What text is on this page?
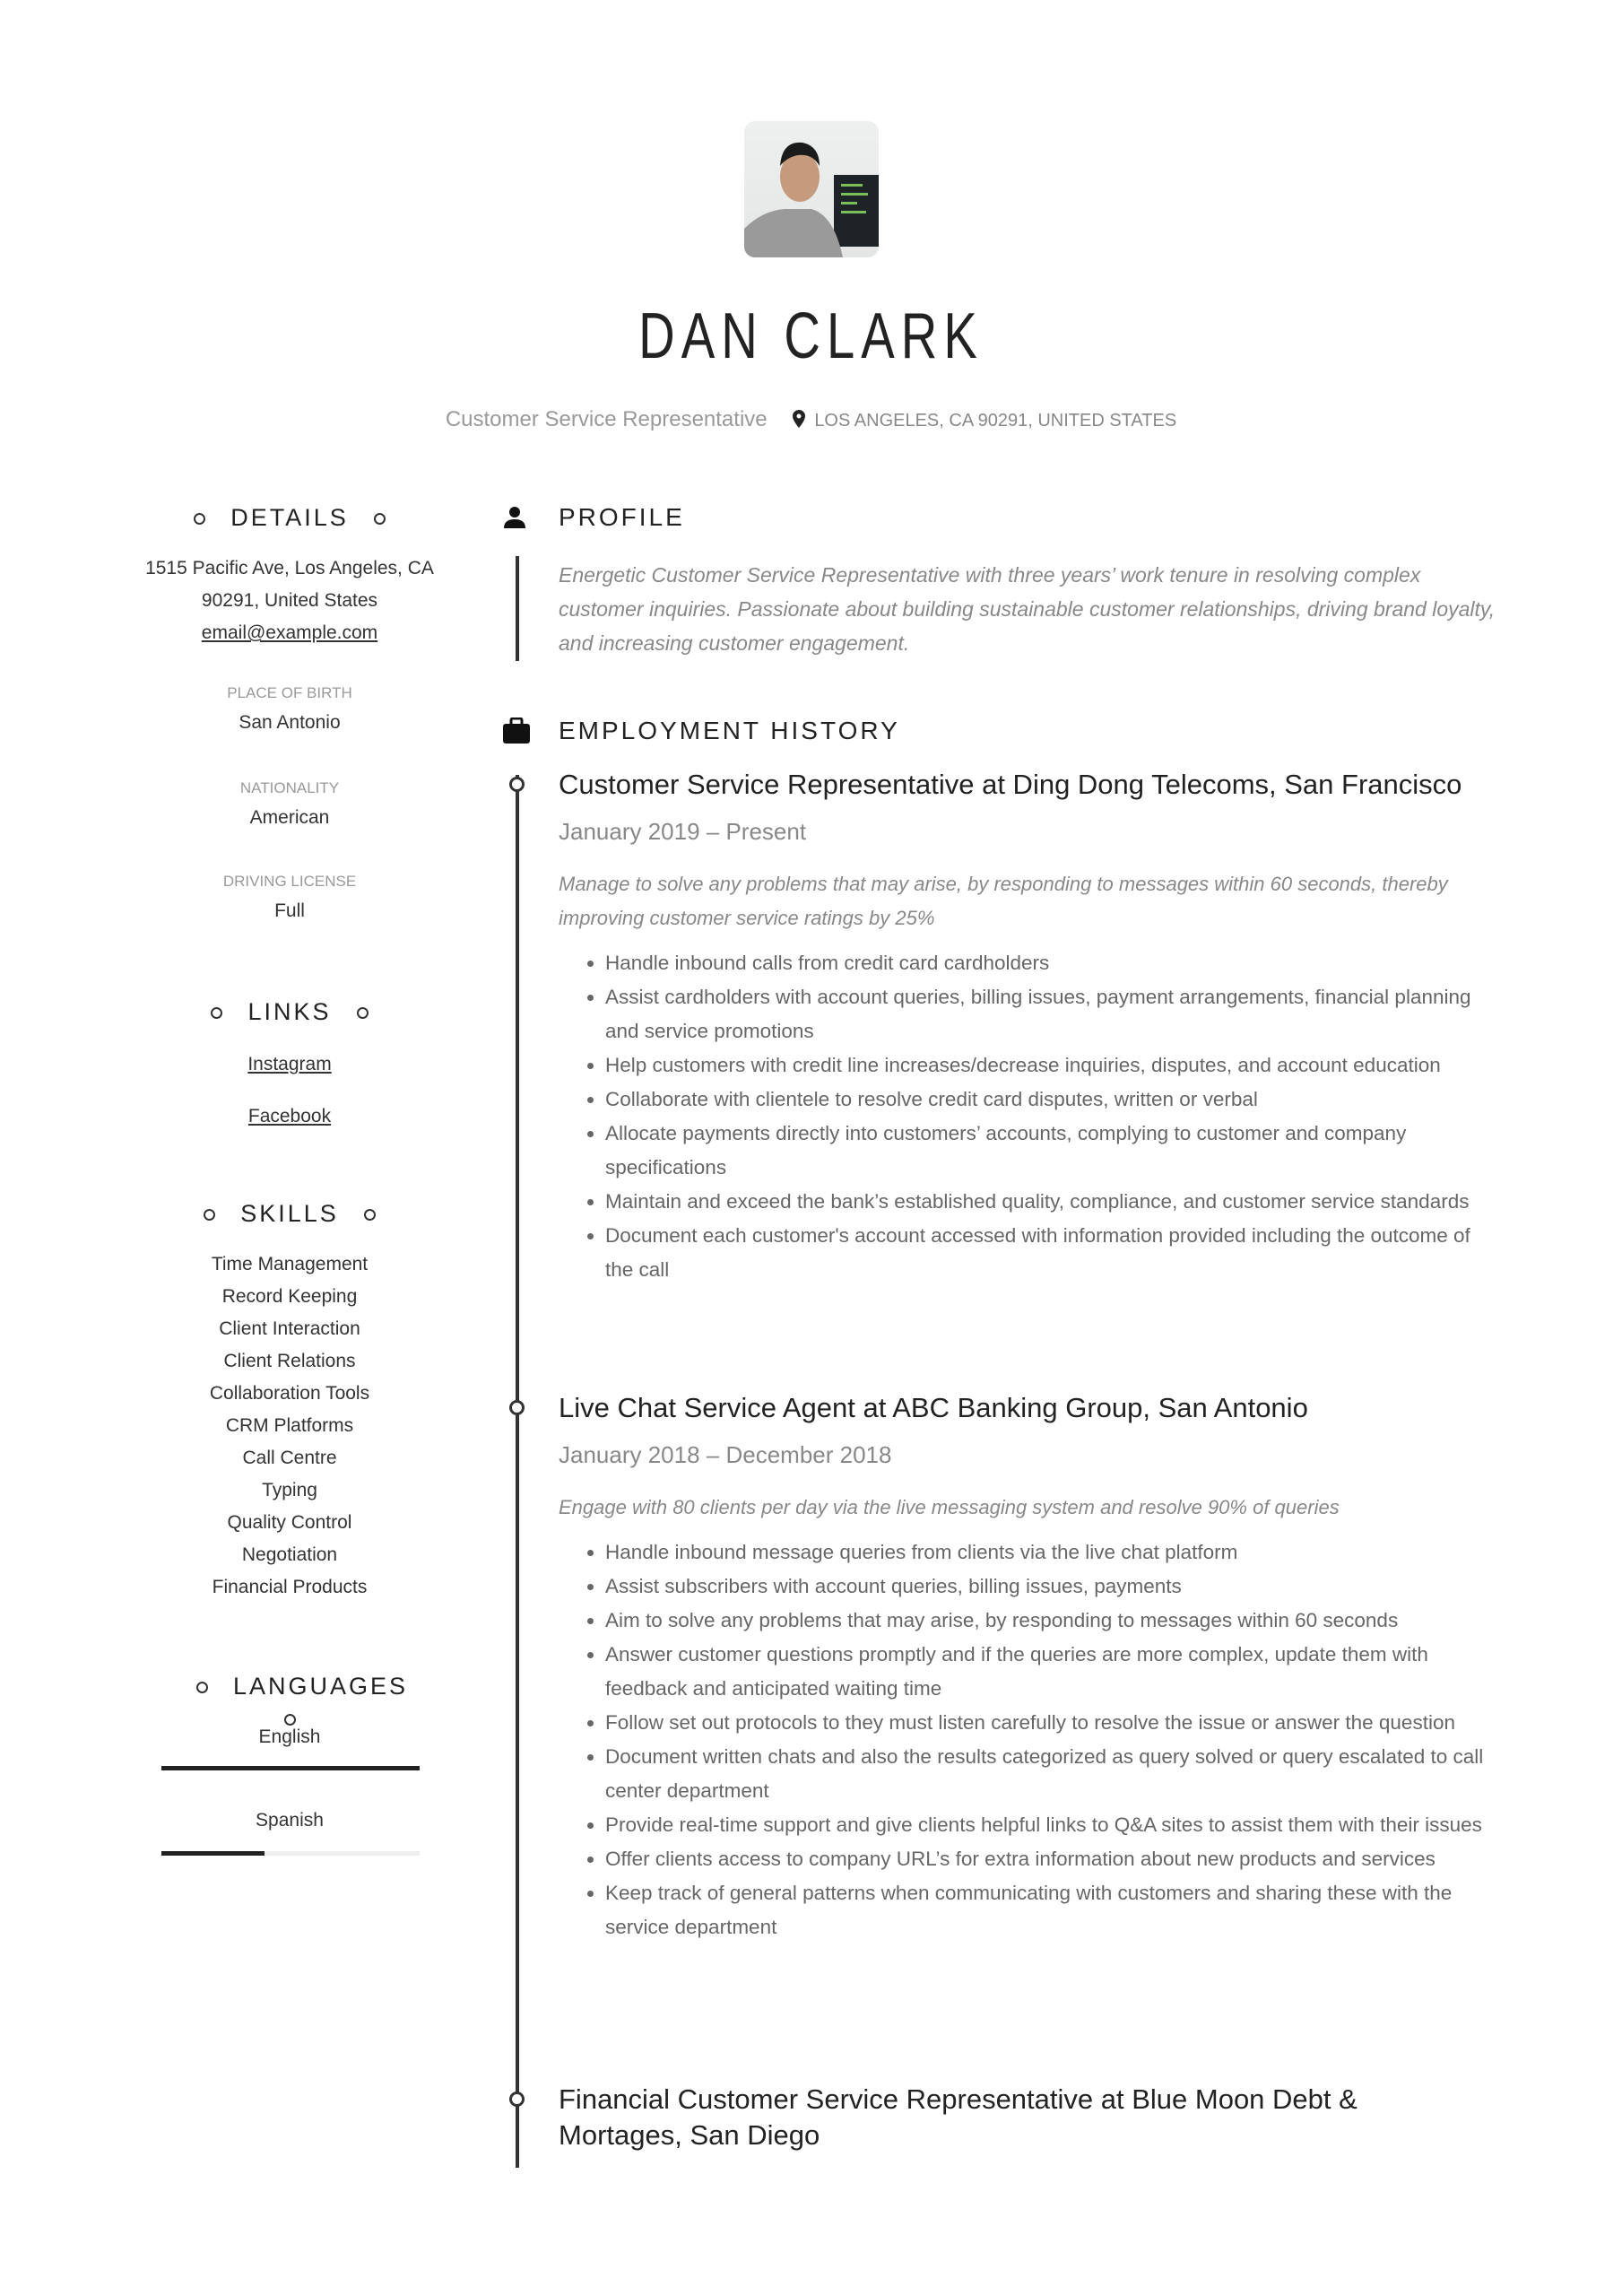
DAN CLARK
Customer Service Representative	LOS ANGELES, CA 90291, UNITED STATES
DETAILS
1515 Pacific Ave, Los Angeles, CA
90291, United States
email@example.com
PLACE OF BIRTH
San Antonio
NATIONALITY
American
DRIVING LICENSE
Full
LINKS
Instagram
Facebook
SKILLS
Time Management
Record Keeping
Client Interaction
Client Relations
Collaboration Tools
CRM Platforms
Call Centre
Typing
Quality Control
Negotiation
Financial Products
LANGUAGES
English
Spanish
PROFILE
Energetic Customer Service Representative with three years’ work tenure in resolving complex customer inquiries. Passionate about building sustainable customer relationships, driving brand loyalty, and increasing customer engagement.
EMPLOYMENT HISTORY
Customer Service Representative at Ding Dong Telecoms, San Francisco
January 2019 – Present
Manage to solve any problems that may arise, by responding to messages within 60 seconds, thereby improving customer service ratings by 25%
• Handle inbound calls from credit card cardholders
• Assist cardholders with account queries, billing issues, payment arrangements, financial planning and service promotions
• Help customers with credit line increases/decrease inquiries, disputes, and account education
• Collaborate with clientele to resolve credit card disputes, written or verbal
• Allocate payments directly into customers’ accounts, complying to customer and company specifications
• Maintain and exceed the bank’s established quality, compliance, and customer service standards
• Document each customer's account accessed with information provided including the outcome of the call
Live Chat Service Agent at ABC Banking Group, San Antonio
January 2018 – December 2018
Engage with 80 clients per day via the live messaging system and resolve 90% of queries
• Handle inbound message queries from clients via the live chat platform
• Assist subscribers with account queries, billing issues, payments
• Aim to solve any problems that may arise, by responding to messages within 60 seconds
• Answer customer questions promptly and if the queries are more complex, update them with feedback and anticipated waiting time
• Follow set out protocols to they must listen carefully to resolve the issue or answer the question
• Document written chats and also the results categorized as query solved or query escalated to call center department
• Provide real-time support and give clients helpful links to Q&A sites to assist them with their issues
• Offer clients access to company URL’s for extra information about new products and services
• Keep track of general patterns when communicating with customers and sharing these with the service department
Financial Customer Service Representative at Blue Moon Debt & Mortages, San Diego
